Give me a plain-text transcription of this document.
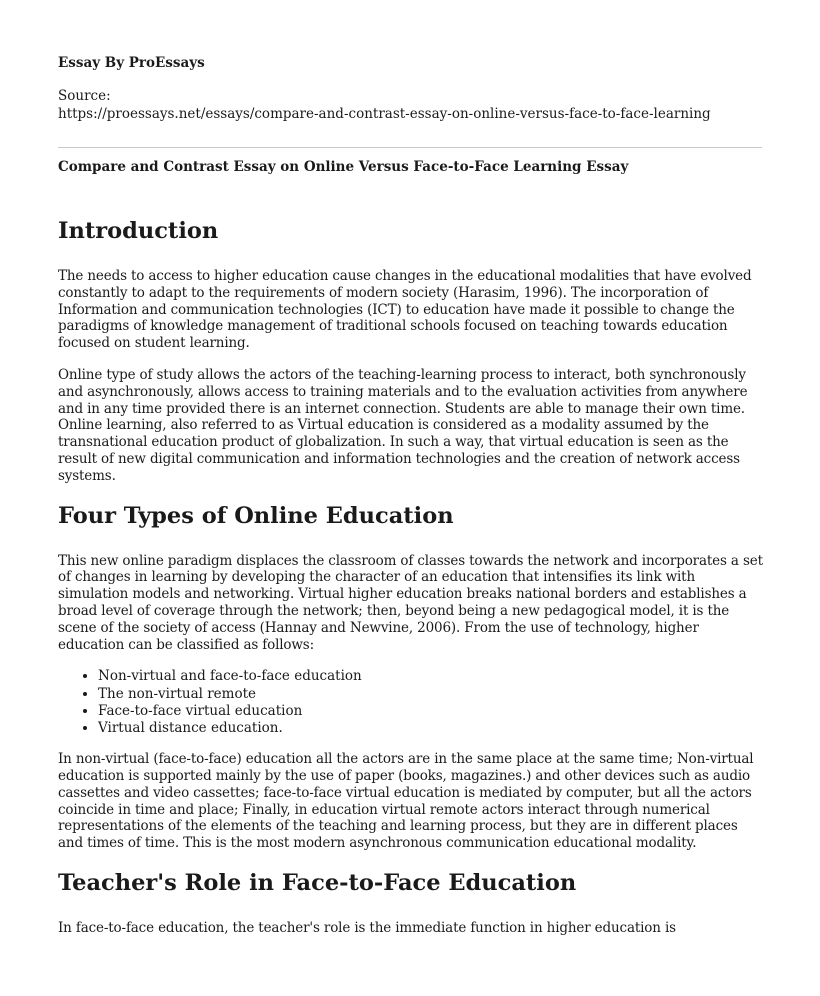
Essay By ProEssays
Source:
https://proessays.net/essays/compare-and-contrast-essay-on-online-versus-face-to-face-learning
Compare and Contrast Essay on Online Versus Face-to-Face Learning Essay
Introduction

The needs to access to higher education cause changes in the educational modalities that have evolved constantly to adapt to the requirements of modern society (Harasim, 1996). The incorporation of Information and communication technologies (ICT) to education have made it possible to change the paradigms of knowledge management of traditional schools focused on teaching towards education focused on student learning.

Online type of study allows the actors of the teaching-learning process to interact, both synchronously and asynchronously, allows access to training materials and to the evaluation activities from anywhere and in any time provided there is an internet connection. Students are able to manage their own time. Online learning, also referred to as Virtual education is considered as a modality assumed by the transnational education product of globalization. In such a way, that virtual education is seen as the result of new digital communication and information technologies and the creation of network access systems.

Four Types of Online Education

This new online paradigm displaces the classroom of classes towards the network and incorporates a set of changes in learning by developing the character of an education that intensifies its link with simulation models and networking. Virtual higher education breaks national borders and establishes a broad level of coverage through the network; then, beyond being a new pedagogical model, it is the scene of the society of access (Hannay and Newvine, 2006). From the use of technology, higher education can be classified as follows:

• Non-virtual and face-to-face education
• The non-virtual remote
• Face-to-face virtual education
• Virtual distance education.

In non-virtual (face-to-face) education all the actors are in the same place at the same time; Non-virtual education is supported mainly by the use of paper (books, magazines.) and other devices such as audio cassettes and video cassettes; face-to-face virtual education is mediated by computer, but all the actors coincide in time and place; Finally, in education virtual remote actors interact through numerical representations of the elements of the teaching and learning process, but they are in different places and times of time. This is the most modern asynchronous communication educational modality.

Teacher's Role in Face-to-Face Education

In face-to-face education, the teacher's role is the immediate function in higher education is
